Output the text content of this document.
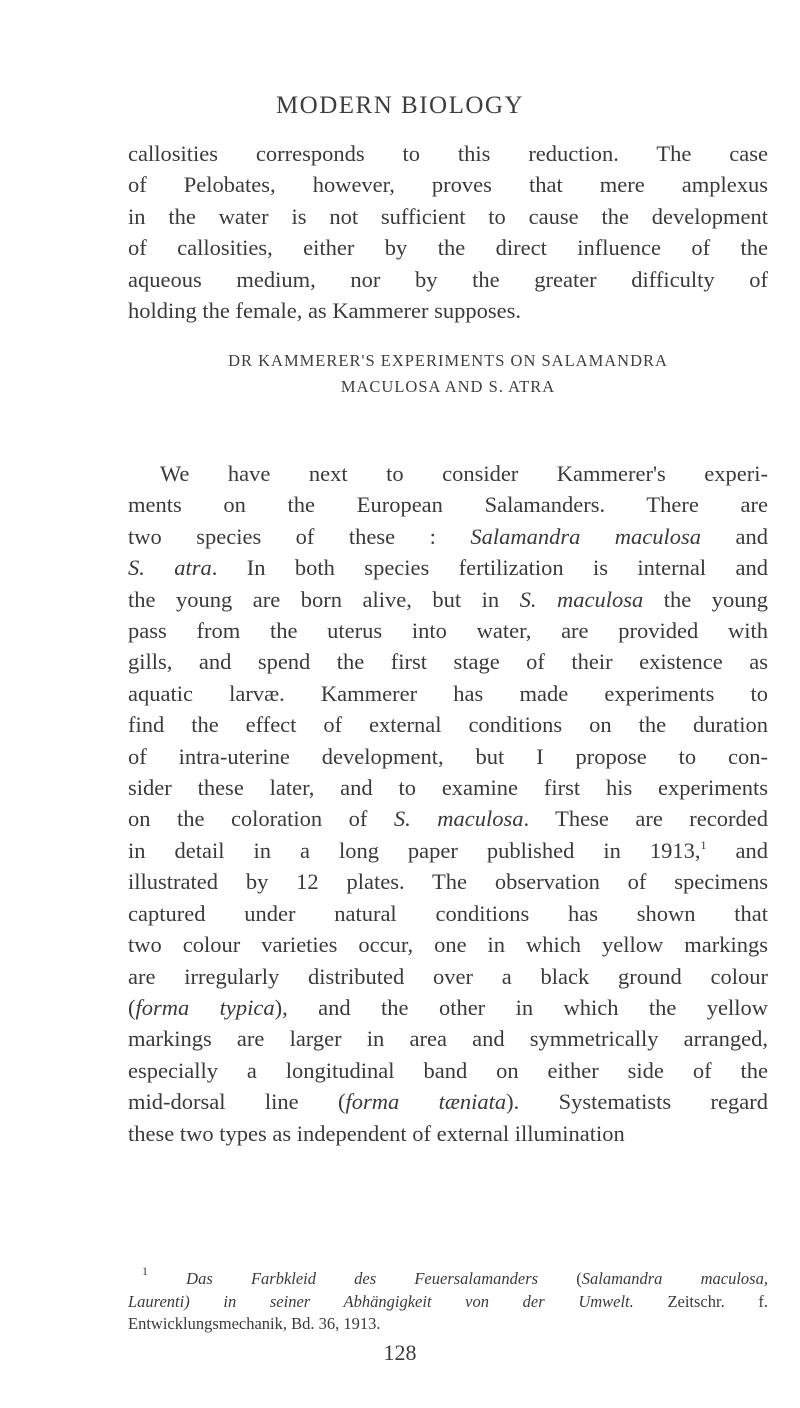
MODERN BIOLOGY
callosities corresponds to this reduction. The case
of Pelobates, however, proves that mere amplexus
in the water is not sufficient to cause the development
of callosities, either by the direct influence of the
aqueous medium, nor by the greater difficulty of
holding the female, as Kammerer supposes.
DR KAMMERER'S EXPERIMENTS ON SALAMANDRA
MACULOSA AND S. ATRA
We have next to consider Kammerer's experi-
ments on the European Salamanders. There are
two species of these : Salamandra maculosa and
S. atra. In both species fertilization is internal and
the young are born alive, but in S. maculosa the young
pass from the uterus into water, are provided with
gills, and spend the first stage of their existence as
aquatic larvæ. Kammerer has made experiments to
find the effect of external conditions on the duration
of intra-uterine development, but I propose to con-
sider these later, and to examine first his experiments
on the coloration of S. maculosa. These are recorded
in detail in a long paper published in 1913,$^1$ and
illustrated by 12 plates. The observation of specimens
captured under natural conditions has shown that
two colour varieties occur, one in which yellow markings
are irregularly distributed over a black ground colour
(forma typica), and the other in which the yellow
markings are larger in area and symmetrically arranged,
especially a longitudinal band on either side of the
mid-dorsal line (forma tæniata). Systematists regard
these two types as independent of external illumination
$^1$ Das Farbkleid des Feuersalamanders (Salamandra maculosa,
Laurenti) in seiner Abhängigkeit von der Umwelt. Zeitschr. f.
Entwicklungsmechanik, Bd. 36, 1913.
128
